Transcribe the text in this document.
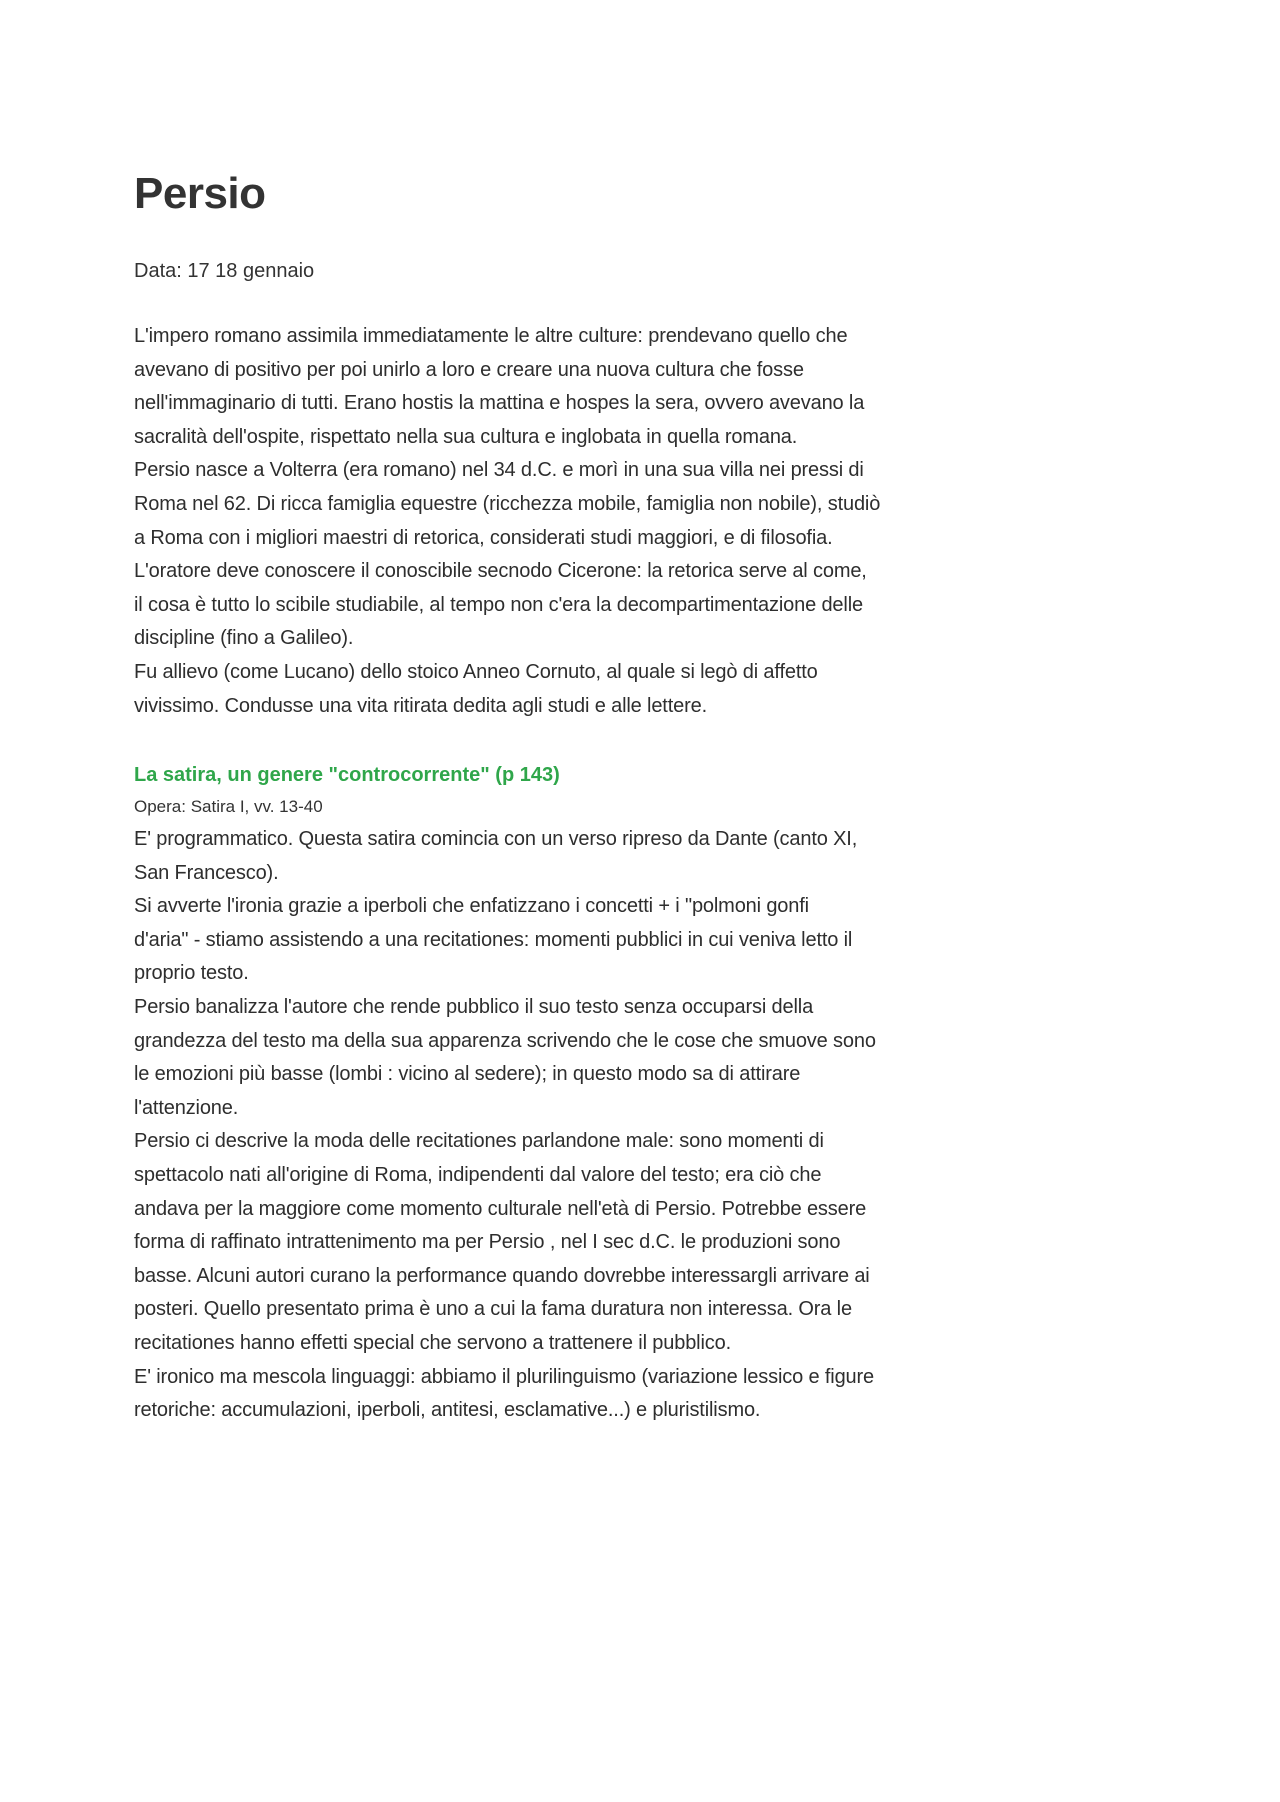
Persio

Data: 17 18 gennaio

L'impero romano assimila immediatamente le altre culture: prendevano quello che
avevano di positivo per poi unirlo a loro e creare una nuova cultura che fosse
nell'immaginario di tutti. Erano hostis la mattina e hospes la sera, ovvero avevano la
sacralità dell'ospite, rispettato nella sua cultura e inglobata in quella romana.
Persio nasce a Volterra (era romano) nel 34 d.C. e morì in una sua villa nei pressi di
Roma nel 62. Di ricca famiglia equestre (ricchezza mobile, famiglia non nobile), studiò
a Roma con i migliori maestri di retorica, considerati studi maggiori, e di filosofia.
L'oratore deve conoscere il conoscibile secnodo Cicerone: la retorica serve al come,
il cosa è tutto lo scibile studiabile, al tempo non c'era la decompartimentazione delle
discipline (fino a Galileo).
Fu allievo (come Lucano) dello stoico Anneo Cornuto, al quale si legò di affetto
vivissimo. Condusse una vita ritirata dedita agli studi e alle lettere.
La satira, un genere "controcorrente" (p 143)

Opera: Satira I, vv. 13-40

E' programmatico. Questa satira comincia con un verso ripreso da Dante (canto XI,
San Francesco).
Si avverte l'ironia grazie a iperboli che enfatizzano i concetti + i "polmoni gonfi
d'aria" - stiamo assistendo a una recitationes: momenti pubblici in cui veniva letto il
proprio testo.
Persio banalizza l'autore che rende pubblico il suo testo senza occuparsi della
grandezza del testo ma della sua apparenza scrivendo che le cose che smuove sono
le emozioni più basse (lombi : vicino al sedere); in questo modo sa di attirare
l'attenzione.
Persio ci descrive la moda delle recitationes parlandone male: sono momenti di
spettacolo nati all'origine di Roma, indipendenti dal valore del testo; era ciò che
andava per la maggiore come momento culturale nell'età di Persio. Potrebbe essere
forma di raffinato intrattenimento ma per Persio , nel I sec d.C. le produzioni sono
basse. Alcuni autori curano la performance quando dovrebbe interessargli arrivare ai
posteri. Quello presentato prima è uno a cui la fama duratura non interessa. Ora le
recitationes hanno effetti special che servono a trattenere il pubblico.
E' ironico ma mescola linguaggi: abbiamo il plurilinguismo (variazione lessico e figure
retoriche: accumulazioni, iperboli, antitesi, esclamative...) e pluristilismo.
